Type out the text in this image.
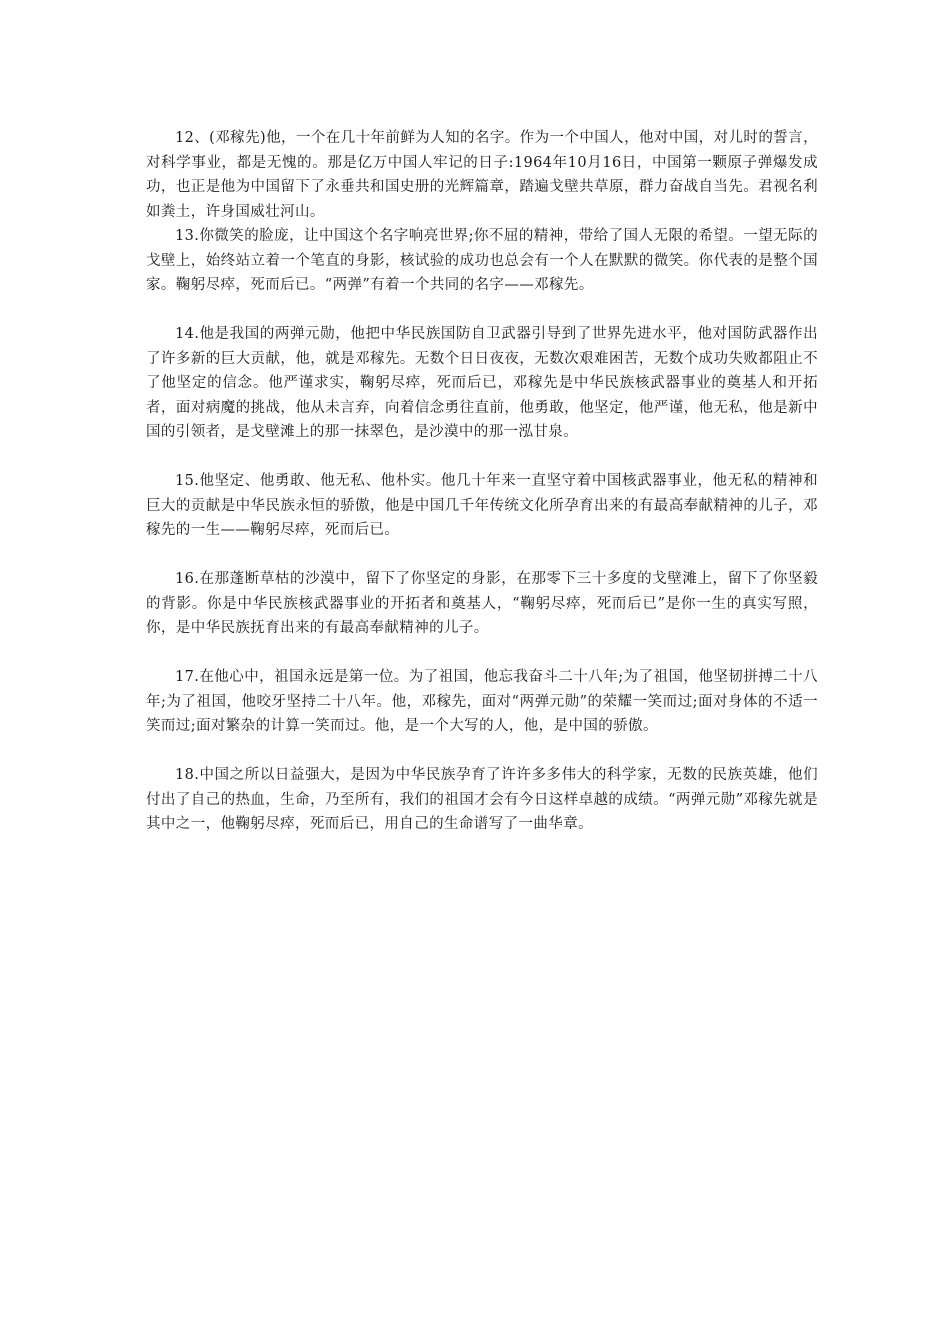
12、(邓稼先)他，一个在几十年前鲜为人知的名字。作为一个中国人，他对中国，对儿时的誓言，对科学事业，都是无愧的。那是亿万中国人牢记的日子:1964年10月16日，中国第一颗原子弹爆发成功，也正是他为中国留下了永垂共和国史册的光辉篇章，踏遍戈壁共草原，群力奋战自当先。君视名利如粪土，许身国威壮河山。

13.你微笑的脸庞，让中国这个名字响亮世界;你不屈的精神，带给了国人无限的希望。一望无际的戈壁上，始终站立着一个笔直的身影，核试验的成功也总会有一个人在默默的微笑。你代表的是整个国家。鞠躬尽瘁，死而后已。“两弹”有着一个共同的名字——邓稼先。

14.他是我国的两弹元勋，他把中华民族国防自卫武器引导到了世界先进水平，他对国防武器作出了许多新的巨大贡献，他，就是邓稼先。无数个日日夜夜，无数次艰难困苦，无数个成功失败都阻止不了他坚定的信念。他严谨求实，鞠躬尽瘁，死而后已，邓稼先是中华民族核武器事业的奠基人和开拓者，面对病魔的挑战，他从未言弃，向着信念勇往直前，他勇敢，他坚定，他严谨，他无私，他是新中国的引领者，是戈壁滩上的那一抹翠色，是沙漠中的那一泓甘泉。

15.他坚定、他勇敢、他无私、他朴实。他几十年来一直坚守着中国核武器事业，他无私的精神和巨大的贡献是中华民族永恒的骄傲，他是中国几千年传统文化所孕育出来的有最高奉献精神的儿子，邓稼先的一生——鞠躬尽瘁，死而后已。

16.在那蓬断草枯的沙漠中，留下了你坚定的身影，在那零下三十多度的戈壁滩上，留下了你坚毅的背影。你是中华民族核武器事业的开拓者和奠基人，“鞠躬尽瘁，死而后已”是你一生的真实写照，你，是中华民族抚育出来的有最高奉献精神的儿子。

17.在他心中，祖国永远是第一位。为了祖国，他忘我奋斗二十八年;为了祖国，他坚韧拼搏二十八年;为了祖国，他咬牙坚持二十八年。他，邓稼先，面对“两弹元勋”的荣耀一笑而过;面对身体的不适一笑而过;面对繁杂的计算一笑而过。他，是一个大写的人，他，是中国的骄傲。

18.中国之所以日益强大，是因为中华民族孕育了许许多多伟大的科学家，无数的民族英雄，他们付出了自己的热血，生命，乃至所有，我们的祖国才会有今日这样卓越的成绩。“两弹元勋”邓稼先就是其中之一，他鞠躬尽瘁，死而后已，用自己的生命谱写了一曲华章。
